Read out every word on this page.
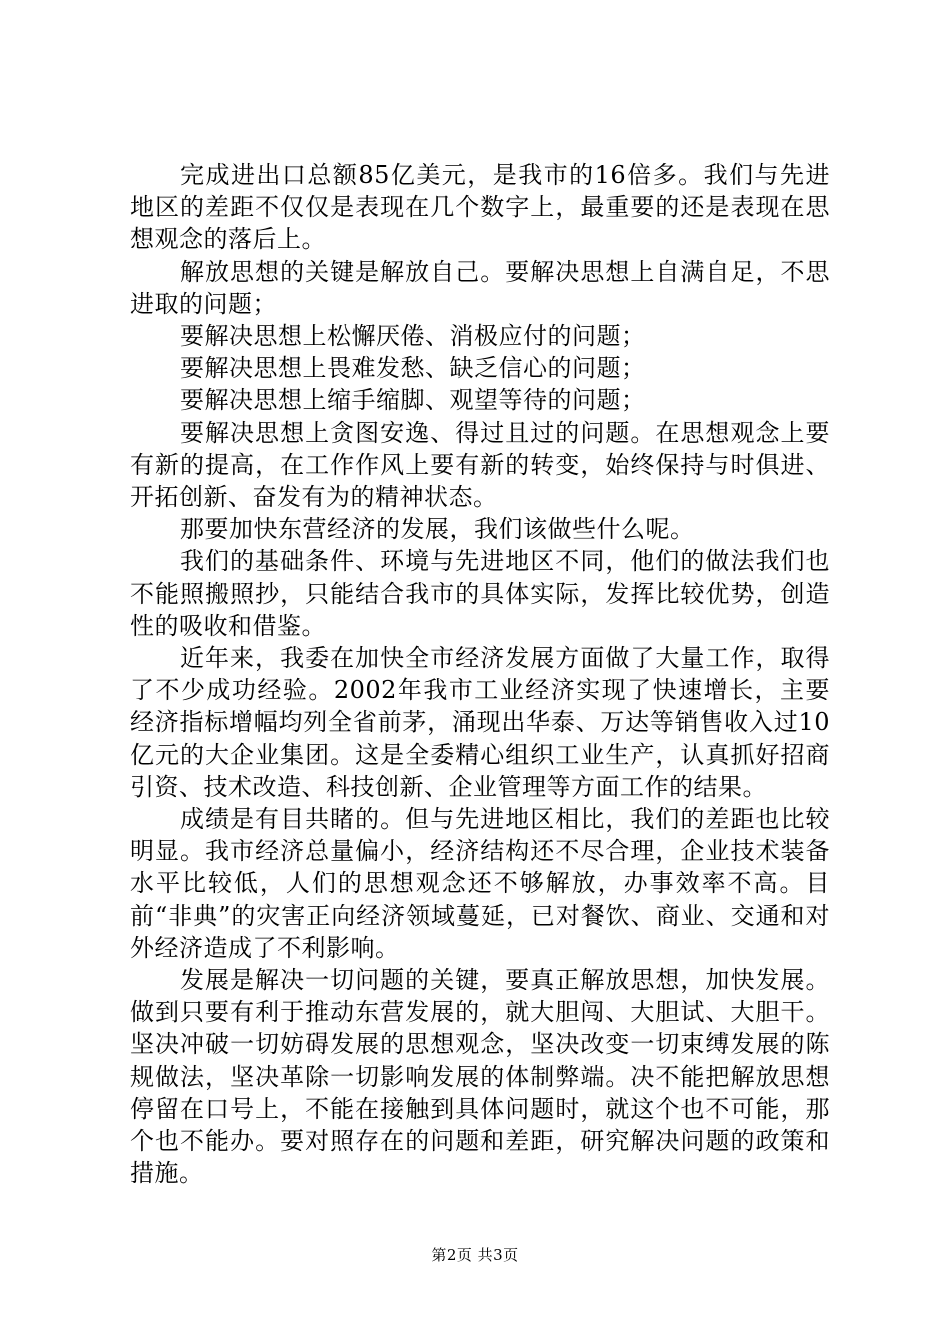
完成进出口总额85亿美元，是我市的16倍多。我们与先进地区的差距不仅仅是表现在几个数字上，最重要的还是表现在思想观念的落后上。

解放思想的关键是解放自己。要解决思想上自满自足，不思进取的问题；

要解决思想上松懈厌倦、消极应付的问题；

要解决思想上畏难发愁、缺乏信心的问题；

要解决思想上缩手缩脚、观望等待的问题；

要解决思想上贪图安逸、得过且过的问题。在思想观念上要有新的提高，在工作作风上要有新的转变，始终保持与时俱进、开拓创新、奋发有为的精神状态。

那要加快东营经济的发展，我们该做些什么呢。

我们的基础条件、环境与先进地区不同，他们的做法我们也不能照搬照抄，只能结合我市的具体实际，发挥比较优势，创造性的吸收和借鉴。

近年来，我委在加快全市经济发展方面做了大量工作，取得了不少成功经验。2002年我市工业经济实现了快速增长，主要经济指标增幅均列全省前茅，涌现出华泰、万达等销售收入过10亿元的大企业集团。这是全委精心组织工业生产，认真抓好招商引资、技术改造、科技创新、企业管理等方面工作的结果。

成绩是有目共睹的。但与先进地区相比，我们的差距也比较明显。我市经济总量偏小，经济结构还不尽合理，企业技术装备水平比较低，人们的思想观念还不够解放，办事效率不高。目前“非典”的灾害正向经济领域蔓延，已对餐饮、商业、交通和对外经济造成了不利影响。

发展是解决一切问题的关键，要真正解放思想，加快发展。做到只要有利于推动东营发展的，就大胆闯、大胆试、大胆干。坚决冲破一切妨碍发展的思想观念，坚决改变一切束缚发展的陈规做法，坚决革除一切影响发展的体制弊端。决不能把解放思想停留在口号上，不能在接触到具体问题时，就这个也不可能，那个也不能办。要对照存在的问题和差距，研究解决问题的政策和措施。

第2页 共3页
